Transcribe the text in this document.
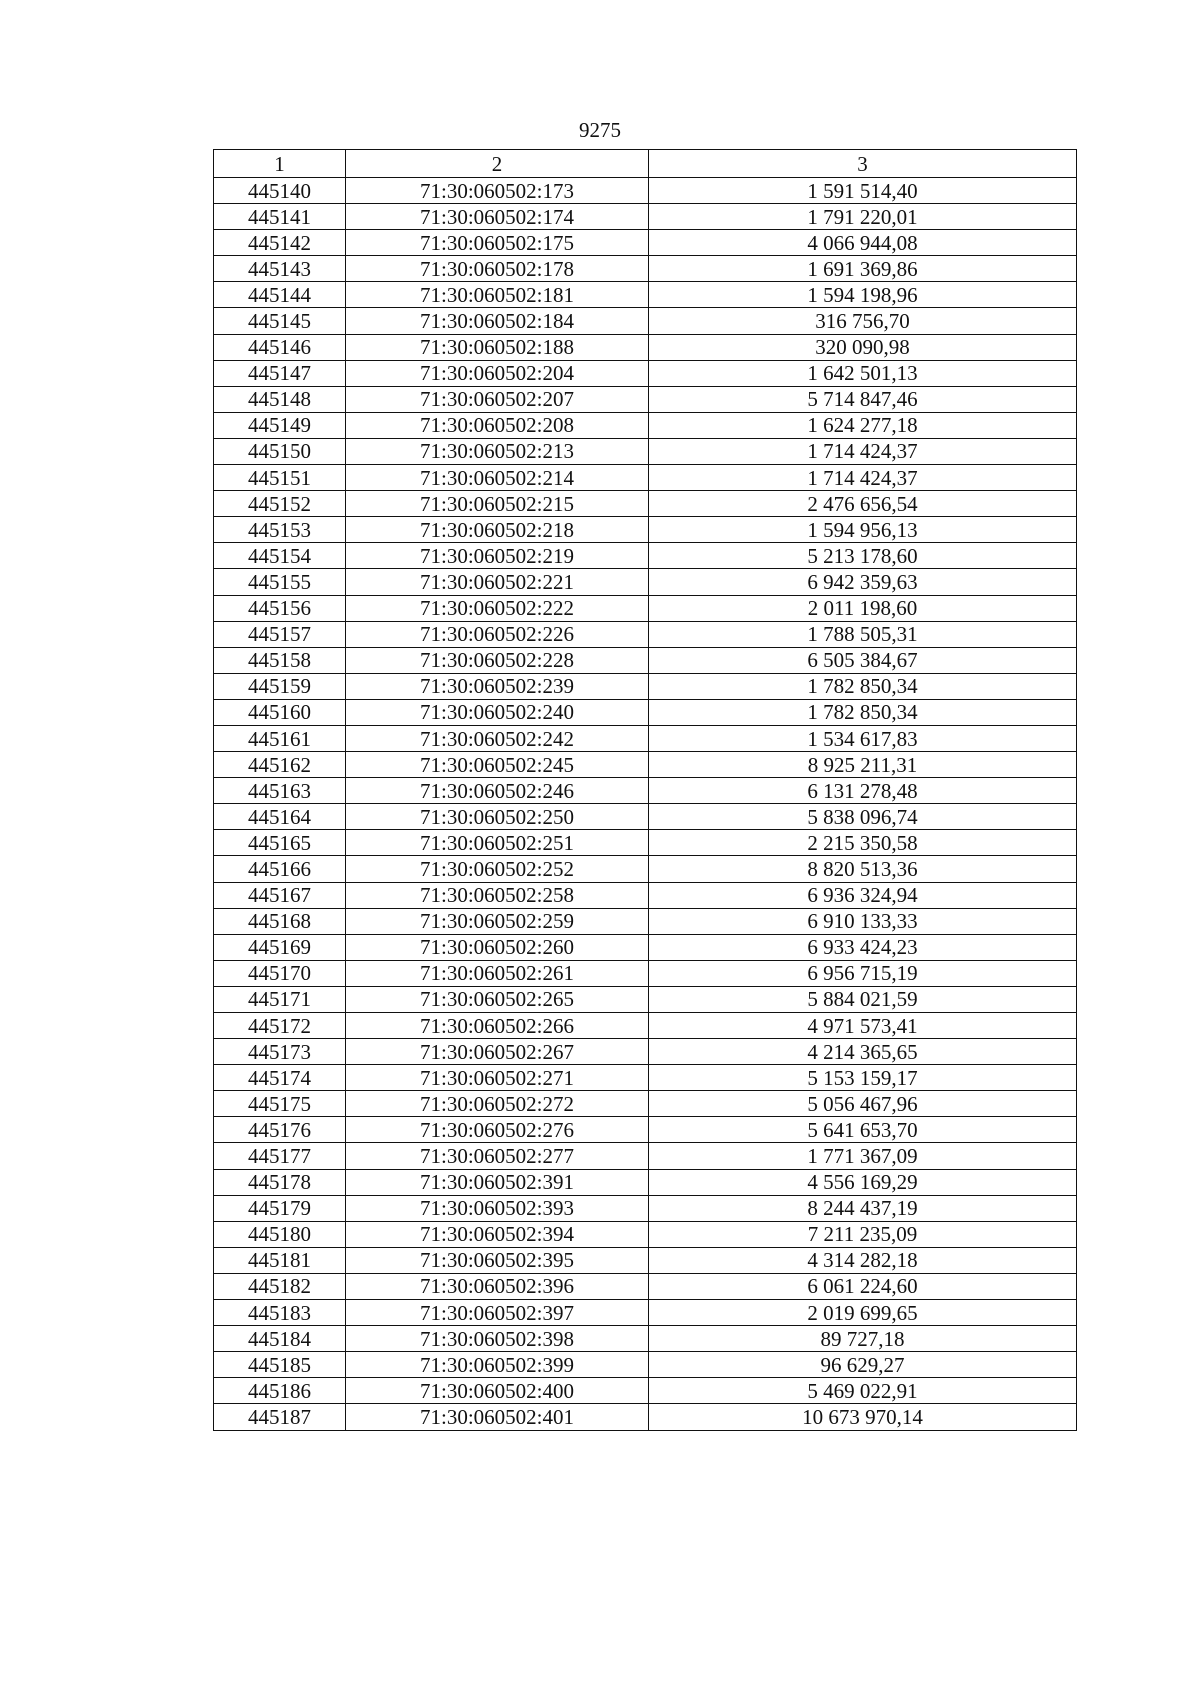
9275
1	2	3
445140	71:30:060502:173	1 591 514,40
445141	71:30:060502:174	1 791 220,01
445142	71:30:060502:175	4 066 944,08
445143	71:30:060502:178	1 691 369,86
445144	71:30:060502:181	1 594 198,96
445145	71:30:060502:184	316 756,70
445146	71:30:060502:188	320 090,98
445147	71:30:060502:204	1 642 501,13
445148	71:30:060502:207	5 714 847,46
445149	71:30:060502:208	1 624 277,18
445150	71:30:060502:213	1 714 424,37
445151	71:30:060502:214	1 714 424,37
445152	71:30:060502:215	2 476 656,54
445153	71:30:060502:218	1 594 956,13
445154	71:30:060502:219	5 213 178,60
445155	71:30:060502:221	6 942 359,63
445156	71:30:060502:222	2 011 198,60
445157	71:30:060502:226	1 788 505,31
445158	71:30:060502:228	6 505 384,67
445159	71:30:060502:239	1 782 850,34
445160	71:30:060502:240	1 782 850,34
445161	71:30:060502:242	1 534 617,83
445162	71:30:060502:245	8 925 211,31
445163	71:30:060502:246	6 131 278,48
445164	71:30:060502:250	5 838 096,74
445165	71:30:060502:251	2 215 350,58
445166	71:30:060502:252	8 820 513,36
445167	71:30:060502:258	6 936 324,94
445168	71:30:060502:259	6 910 133,33
445169	71:30:060502:260	6 933 424,23
445170	71:30:060502:261	6 956 715,19
445171	71:30:060502:265	5 884 021,59
445172	71:30:060502:266	4 971 573,41
445173	71:30:060502:267	4 214 365,65
445174	71:30:060502:271	5 153 159,17
445175	71:30:060502:272	5 056 467,96
445176	71:30:060502:276	5 641 653,70
445177	71:30:060502:277	1 771 367,09
445178	71:30:060502:391	4 556 169,29
445179	71:30:060502:393	8 244 437,19
445180	71:30:060502:394	7 211 235,09
445181	71:30:060502:395	4 314 282,18
445182	71:30:060502:396	6 061 224,60
445183	71:30:060502:397	2 019 699,65
445184	71:30:060502:398	89 727,18
445185	71:30:060502:399	96 629,27
445186	71:30:060502:400	5 469 022,91
445187	71:30:060502:401	10 673 970,14
